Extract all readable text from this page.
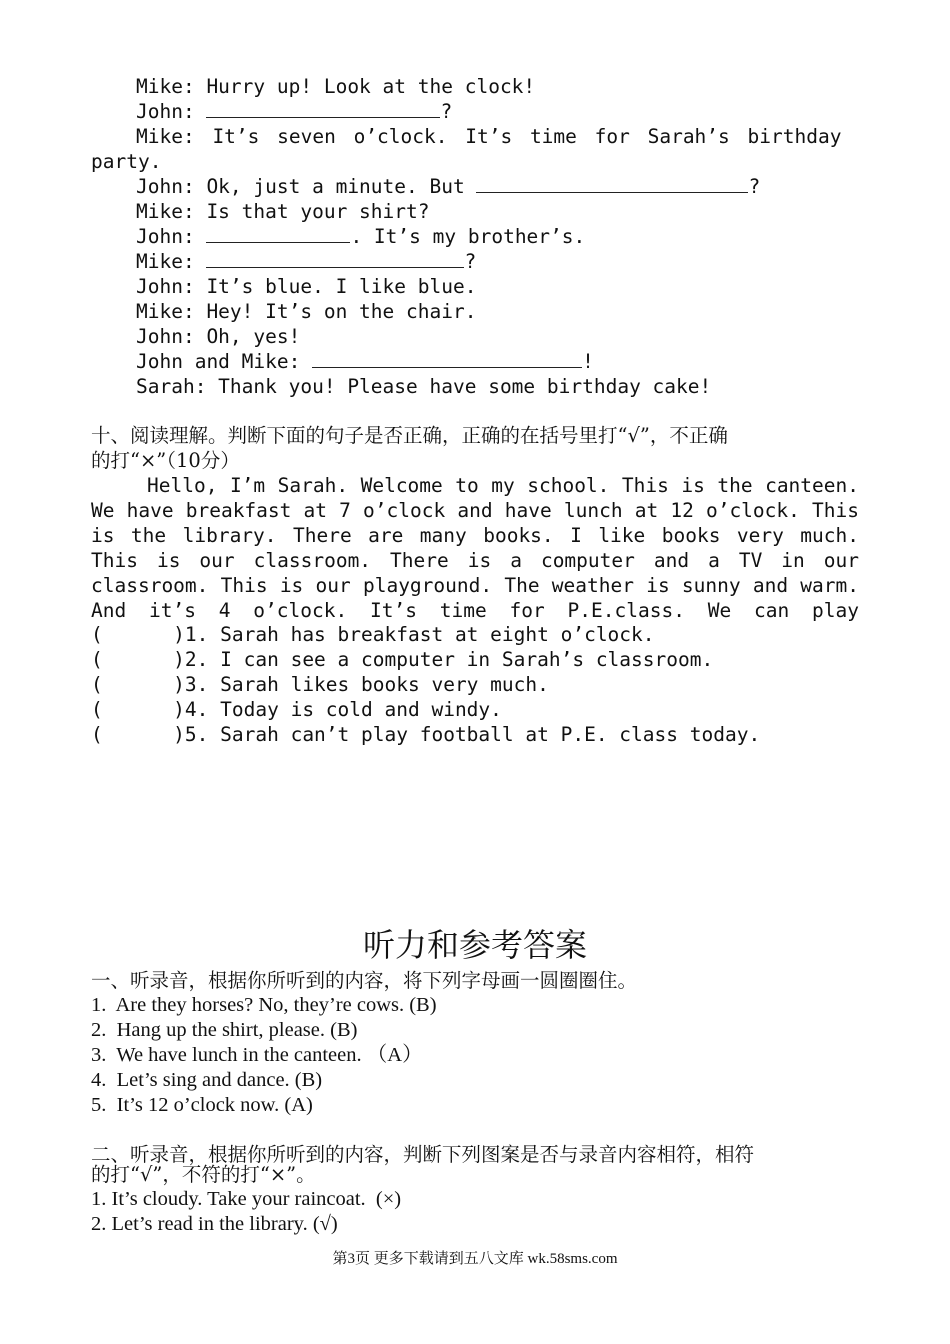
Mike: Hurry up! Look at the clock!
John:	?
Mike: It’s seven o’clock. It’s time for Sarah’s birthday
party.
John: Ok, just a minute. But	?
Mike: Is that your shirt?
John:	. It’s my brother’s.
Mike:	?
John: It’s blue. I like blue.
Mike: Hey! It’s on the chair.
John: Oh, yes!
John and Mike:	!
Sarah: Thank you! Please have some birthday cake!
十、阅读理解。判断下面的句子是否正确，正确的在括号里打“√”，不正确
的打“×”（10分）
Hello, I’m Sarah. Welcome to my school. This is the canteen. We have breakfast at 7 o’clock and have lunch at 12 o’clock. This is the library. There are many books. I like books very much. This is our classroom. There is a computer and a TV in our classroom. This is our playground. The weather is sunny and warm. And it’s 4 o’clock. It’s time for P.E.class. We can play
(      )1. Sarah has breakfast at eight o’clock.
(      )2. I can see a computer in Sarah’s classroom.
(      )3. Sarah likes books very much.
(      )4. Today is cold and windy.
(      )5. Sarah can’t play football at P.E. class today.
听力和参考答案
一、听录音，根据你所听到的内容，将下列字母画一圆圈圈住。
1.  Are they horses? No, they’re cows. (B)
2.  Hang up the shirt, please. (B)
3.  We have lunch in the canteen. （A）
4.  Let’s sing and dance. (B)
5.  It’s 12 o’clock now. (A)
二、听录音，根据你所听到的内容，判断下列图案是否与录音内容相符，相符
的打“√”，不符的打“×”。
1. It’s cloudy. Take your raincoat.  (×)
2. Let’s read in the library. (√)
第3页 更多下载请到五八文库 wk.58sms.com
